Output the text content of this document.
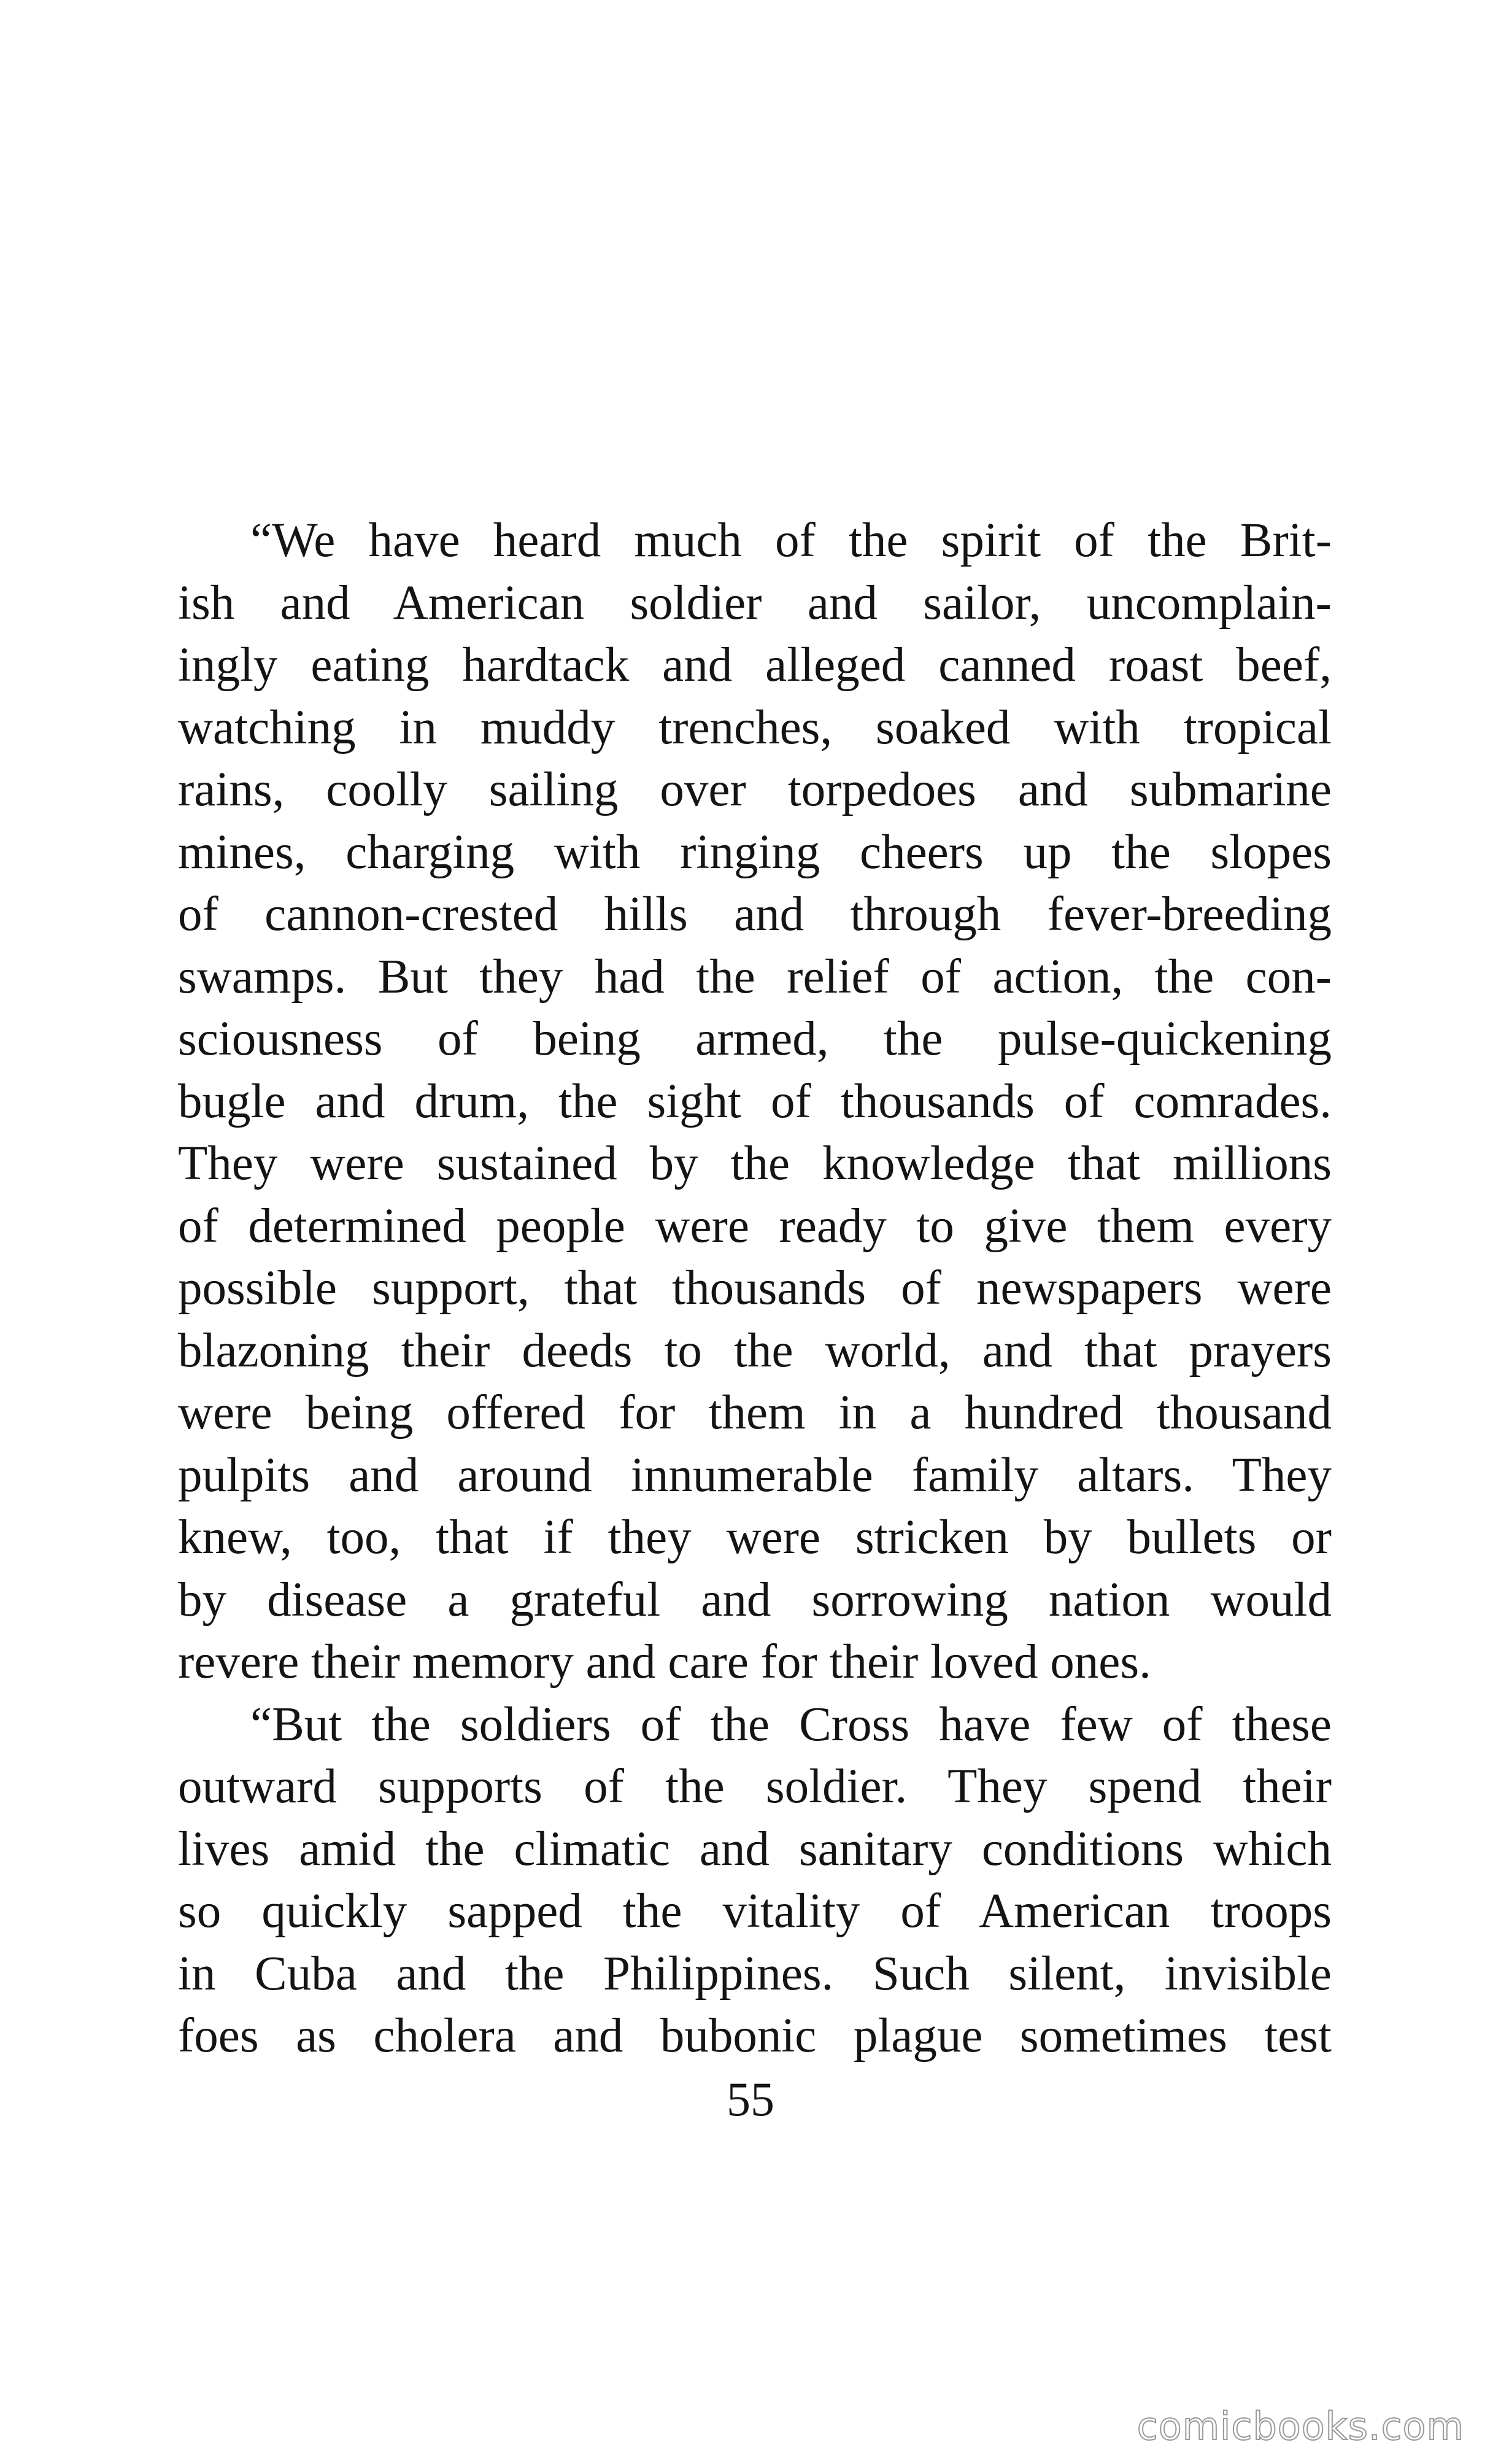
“We have heard much of the spirit of the Brit-
ish and American soldier and sailor, uncomplain-
ingly eating hardtack and alleged canned roast beef,
watching in muddy trenches, soaked with tropical
rains, coolly sailing over torpedoes and submarine
mines, charging with ringing cheers up the slopes
of cannon-crested hills and through fever-breeding
swamps. But they had the relief of action, the con-
sciousness of being armed, the pulse-quickening
bugle and drum, the sight of thousands of comrades.
They were sustained by the knowledge that millions
of determined people were ready to give them every
possible support, that thousands of newspapers were
blazoning their deeds to the world, and that prayers
were being offered for them in a hundred thousand
pulpits and around innumerable family altars. They
knew, too, that if they were stricken by bullets or
by disease a grateful and sorrowing nation would
revere their memory and care for their loved ones.
“But the soldiers of the Cross have few of these
outward supports of the soldier. They spend their
lives amid the climatic and sanitary conditions which
so quickly sapped the vitality of American troops
in Cuba and the Philippines. Such silent, invisible
foes as cholera and bubonic plague sometimes test
55
comicbooks.com
